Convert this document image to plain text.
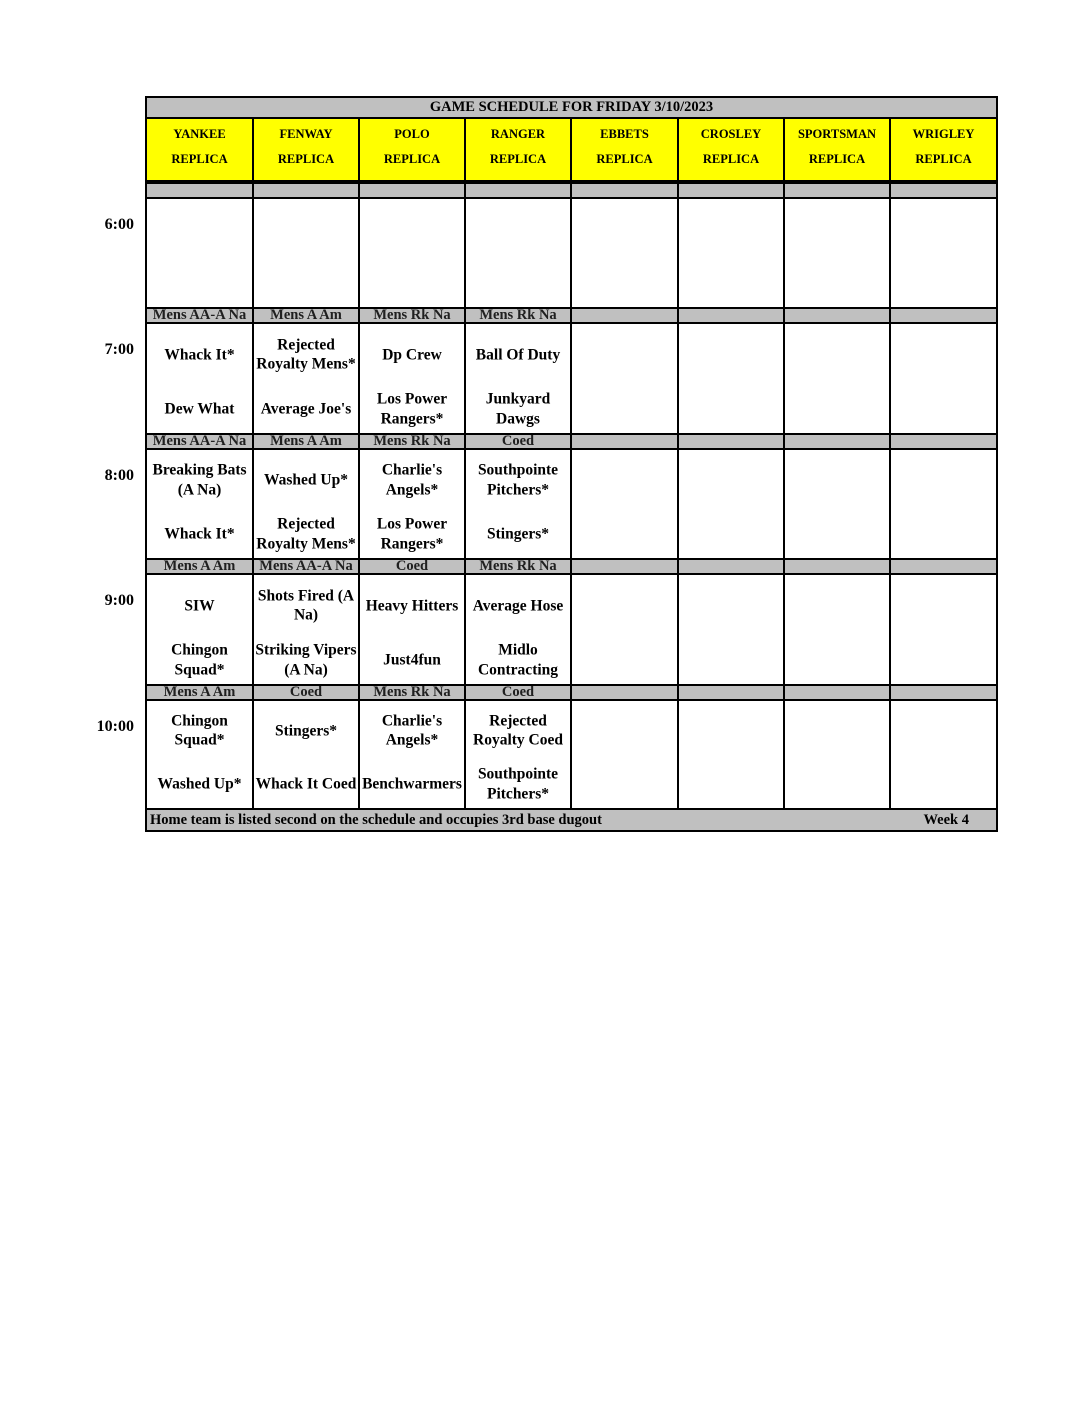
GAME SCHEDULE FOR FRIDAY 3/10/2023
YANKEE
REPLICA
FENWAY
REPLICA
POLO
REPLICA
RANGER
REPLICA
EBBETS
REPLICA
CROSLEY
REPLICA
SPORTSMAN
REPLICA
WRIGLEY
REPLICA
6:00
7:00
Mens AA-A Na
Whack It*
Dew What
Mens A Am
Rejected Royalty Mens*
Average Joe's
Mens Rk Na
Dp Crew
Los Power Rangers*
Mens Rk Na
Ball Of Duty
Junkyard Dawgs
8:00
Mens AA-A Na
Breaking Bats (A Na)
Whack It*
Mens A Am
Washed Up*
Rejected Royalty Mens*
Mens Rk Na
Charlie's Angels*
Los Power Rangers*
Coed
Southpointe Pitchers*
Stingers*
9:00
Mens A Am
SIW
Chingon Squad*
Mens AA-A Na
Shots Fired (A Na)
Striking Vipers (A Na)
Coed
Heavy Hitters
Just4fun
Mens Rk Na
Average Hose
Midlo Contracting
10:00
Mens A Am
Chingon Squad*
Washed Up*
Coed
Stingers*
Whack It Coed
Mens Rk Na
Charlie's Angels*
Benchwarmers
Coed
Rejected Royalty Coed
Southpointe Pitchers*
Home team is listed second on the schedule and occupies 3rd base dugout	Week 4
